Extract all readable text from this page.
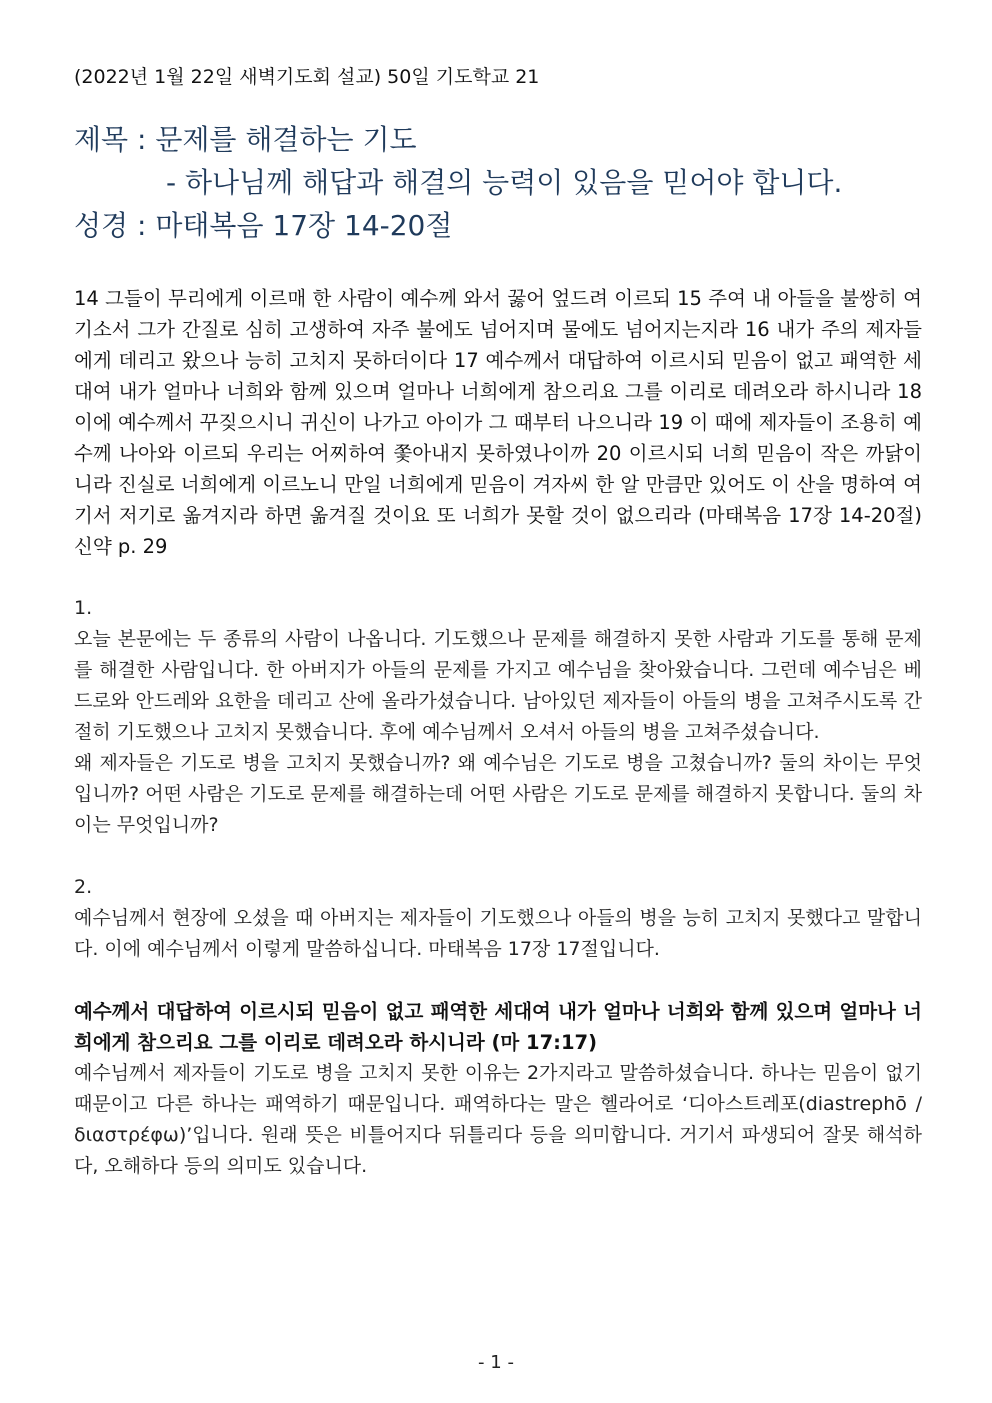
(2022년 1월 22일 새벽기도회 설교) 50일 기도학교 21

제목 : 문제를 해결하는 기도
- 하나님께 해답과 해결의 능력이 있음을 믿어야 합니다.
성경 : 마태복음 17장 14-20절
14 그들이 무리에게 이르매 한 사람이 예수께 와서 꿇어 엎드려 이르되 15 주여 내 아들을 불쌍히 여기소서 그가 간질로 심히 고생하여 자주 불에도 넘어지며 물에도 넘어지는지라 16 내가 주의 제자들에게 데리고 왔으나 능히 고치지 못하더이다 17 예수께서 대답하여 이르시되 믿음이 없고 패역한 세대여 내가 얼마나 너희와 함께 있으며 얼마나 너희에게 참으리요 그를 이리로 데려오라 하시니라 18 이에 예수께서 꾸짖으시니 귀신이 나가고 아이가 그 때부터 나으니라 19 이 때에 제자들이 조용히 예수께 나아와 이르되 우리는 어찌하여 쫓아내지 못하였나이까 20 이르시되 너희 믿음이 작은 까닭이니라 진실로 너희에게 이르노니 만일 너희에게 믿음이 겨자씨 한 알 만큼만 있어도 이 산을 명하여 여기서 저기로 옮겨지라 하면 옮겨질 것이요 또 너희가 못할 것이 없으리라 (마태복음 17장 14-20절) 신약 p. 29
1.

오늘 본문에는 두 종류의 사람이 나옵니다. 기도했으나 문제를 해결하지 못한 사람과 기도를 통해 문제를 해결한 사람입니다. 한 아버지가 아들의 문제를 가지고 예수님을 찾아왔습니다. 그런데 예수님은 베드로와 안드레와 요한을 데리고 산에 올라가셨습니다. 남아있던 제자들이 아들의 병을 고쳐주시도록 간절히 기도했으나 고치지 못했습니다. 후에 예수님께서 오셔서 아들의 병을 고쳐주셨습니다.

왜 제자들은 기도로 병을 고치지 못했습니까? 왜 예수님은 기도로 병을 고쳤습니까? 둘의 차이는 무엇입니까? 어떤 사람은 기도로 문제를 해결하는데 어떤 사람은 기도로 문제를 해결하지 못합니다. 둘의 차이는 무엇입니까?

2.

예수님께서 현장에 오셨을 때 아버지는 제자들이 기도했으나 아들의 병을 능히 고치지 못했다고 말합니다. 이에 예수님께서 이렇게 말씀하십니다. 마태복음 17장 17절입니다.

예수께서 대답하여 이르시되 믿음이 없고 패역한 세대여 내가 얼마나 너희와 함께 있으며 얼마나 너희에게 참으리요 그를 이리로 데려오라 하시니라 (마 17:17)

예수님께서 제자들이 기도로 병을 고치지 못한 이유는 2가지라고 말씀하셨습니다. 하나는 믿음이 없기 때문이고 다른 하나는 패역하기 때문입니다. 패역하다는 말은 헬라어로 ‘디아스트레포(diastrephō / διαστρέφω)’입니다. 원래 뜻은 비틀어지다 뒤틀리다 등을 의미합니다. 거기서 파생되어 잘못 해석하다, 오해하다 등의 의미도 있습니다.

- 1 -
